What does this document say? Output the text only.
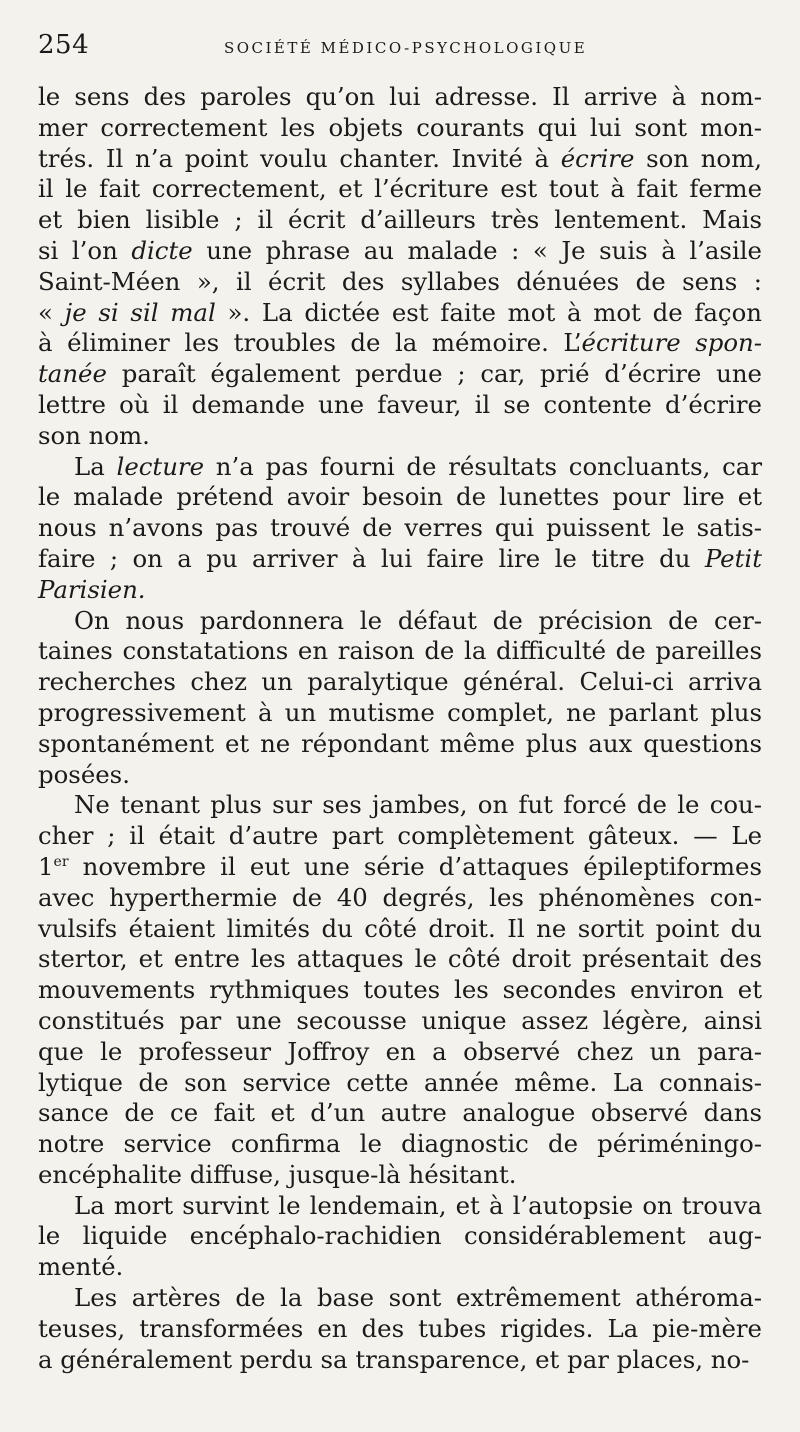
254	SOCIÉTÉ MÉDICO-PSYCHOLOGIQUE
le sens des paroles qu’on lui adresse. Il arrive à nom-
mer correctement les objets courants qui lui sont mon-
trés. Il n’a point voulu chanter. Invité à écrire son nom,
il le fait correctement, et l’écriture est tout à fait ferme
et bien lisible ; il écrit d’ailleurs très lentement. Mais
si l’on dicte une phrase au malade : « Je suis à l’asile
Saint-Méen », il écrit des syllabes dénuées de sens :
« je si sil mal ». La dictée est faite mot à mot de façon
à éliminer les troubles de la mémoire. L’écriture spon-
tanée paraît également perdue ; car, prié d’écrire une
lettre où il demande une faveur, il se contente d’écrire
son nom.
La lecture n’a pas fourni de résultats concluants, car
le malade prétend avoir besoin de lunettes pour lire et
nous n’avons pas trouvé de verres qui puissent le satis-
faire ; on a pu arriver à lui faire lire le titre du Petit
Parisien.
On nous pardonnera le défaut de précision de cer-
taines constatations en raison de la difficulté de pareilles
recherches chez un paralytique général. Celui-ci arriva
progressivement à un mutisme complet, ne parlant plus
spontanément et ne répondant même plus aux questions
posées.
Ne tenant plus sur ses jambes, on fut forcé de le cou-
cher ; il était d’autre part complètement gâteux. — Le
1er novembre il eut une série d’attaques épileptiformes
avec hyperthermie de 40 degrés, les phénomènes con-
vulsifs étaient limités du côté droit. Il ne sortit point du
stertor, et entre les attaques le côté droit présentait des
mouvements rythmiques toutes les secondes environ et
constitués par une secousse unique assez légère, ainsi
que le professeur Joffroy en a observé chez un para-
lytique de son service cette année même. La connais-
sance de ce fait et d’un autre analogue observé dans
notre service confirma le diagnostic de périméningo-
encéphalite diffuse, jusque-là hésitant.
La mort survint le lendemain, et à l’autopsie on trouva
le liquide encéphalo-rachidien considérablement aug-
menté.
Les artères de la base sont extrêmement athéroma-
teuses, transformées en des tubes rigides. La pie-mère
a généralement perdu sa transparence, et par places, no-
